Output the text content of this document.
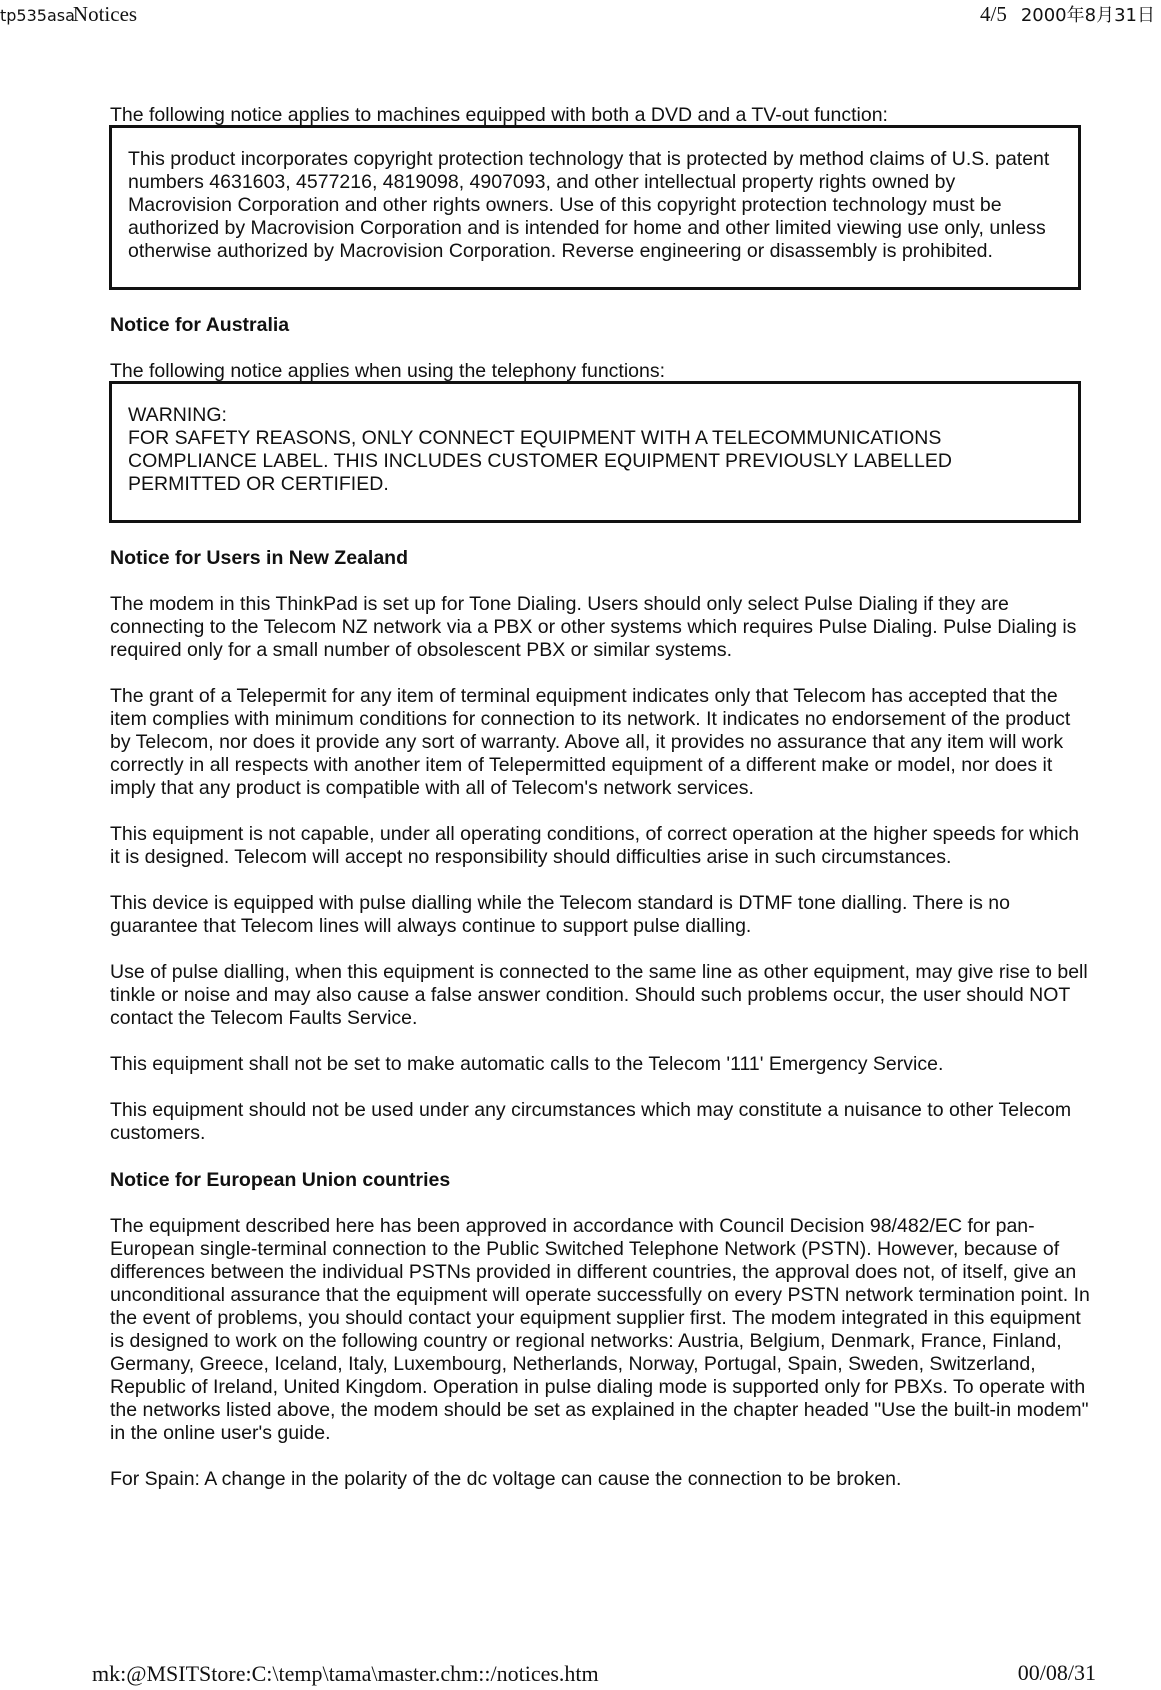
tp535asaNotices	4/5 2000年8月31日

The following notice applies to machines equipped with both a DVD and a TV-out function:

This product incorporates copyright protection technology that is protected by method claims of U.S. patent numbers 4631603, 4577216, 4819098, 4907093, and other intellectual property rights owned by Macrovision Corporation and other rights owners. Use of this copyright protection technology must be authorized by Macrovision Corporation and is intended for home and other limited viewing use only, unless otherwise authorized by Macrovision Corporation. Reverse engineering or disassembly is prohibited.

Notice for Australia

The following notice applies when using the telephony functions:

WARNING:
FOR SAFETY REASONS, ONLY CONNECT EQUIPMENT WITH A TELECOMMUNICATIONS COMPLIANCE LABEL. THIS INCLUDES CUSTOMER EQUIPMENT PREVIOUSLY LABELLED PERMITTED OR CERTIFIED.
Notice for Users in New Zealand

The modem in this ThinkPad is set up for Tone Dialing. Users should only select Pulse Dialing if they are connecting to the Telecom NZ network via a PBX or other systems which requires Pulse Dialing. Pulse Dialing is required only for a small number of obsolescent PBX or similar systems.

The grant of a Telepermit for any item of terminal equipment indicates only that Telecom has accepted that the item complies with minimum conditions for connection to its network. It indicates no endorsement of the product by Telecom, nor does it provide any sort of warranty. Above all, it provides no assurance that any item will work correctly in all respects with another item of Telepermitted equipment of a different make or model, nor does it imply that any product is compatible with all of Telecom's network services.

This equipment is not capable, under all operating conditions, of correct operation at the higher speeds for which it is designed. Telecom will accept no responsibility should difficulties arise in such circumstances.

This device is equipped with pulse dialling while the Telecom standard is DTMF tone dialling. There is no guarantee that Telecom lines will always continue to support pulse dialling.

Use of pulse dialling, when this equipment is connected to the same line as other equipment, may give rise to bell tinkle or noise and may also cause a false answer condition. Should such problems occur, the user should NOT contact the Telecom Faults Service.

This equipment shall not be set to make automatic calls to the Telecom '111' Emergency Service.

This equipment should not be used under any circumstances which may constitute a nuisance to other Telecom customers.

Notice for European Union countries

The equipment described here has been approved in accordance with Council Decision 98/482/EC for pan-European single-terminal connection to the Public Switched Telephone Network (PSTN). However, because of differences between the individual PSTNs provided in different countries, the approval does not, of itself, give an unconditional assurance that the equipment will operate successfully on every PSTN network termination point. In the event of problems, you should contact your equipment supplier first. The modem integrated in this equipment is designed to work on the following country or regional networks: Austria, Belgium, Denmark, France, Finland, Germany, Greece, Iceland, Italy, Luxembourg, Netherlands, Norway, Portugal, Spain, Sweden, Switzerland, Republic of Ireland, United Kingdom. Operation in pulse dialing mode is supported only for PBXs. To operate with the networks listed above, the modem should be set as explained in the chapter headed "Use the built-in modem" in the online user's guide.

For Spain: A change in the polarity of the dc voltage can cause the connection to be broken.

mk:@MSITStore:C:\temp\tama\master.chm::/notices.htm	00/08/31
